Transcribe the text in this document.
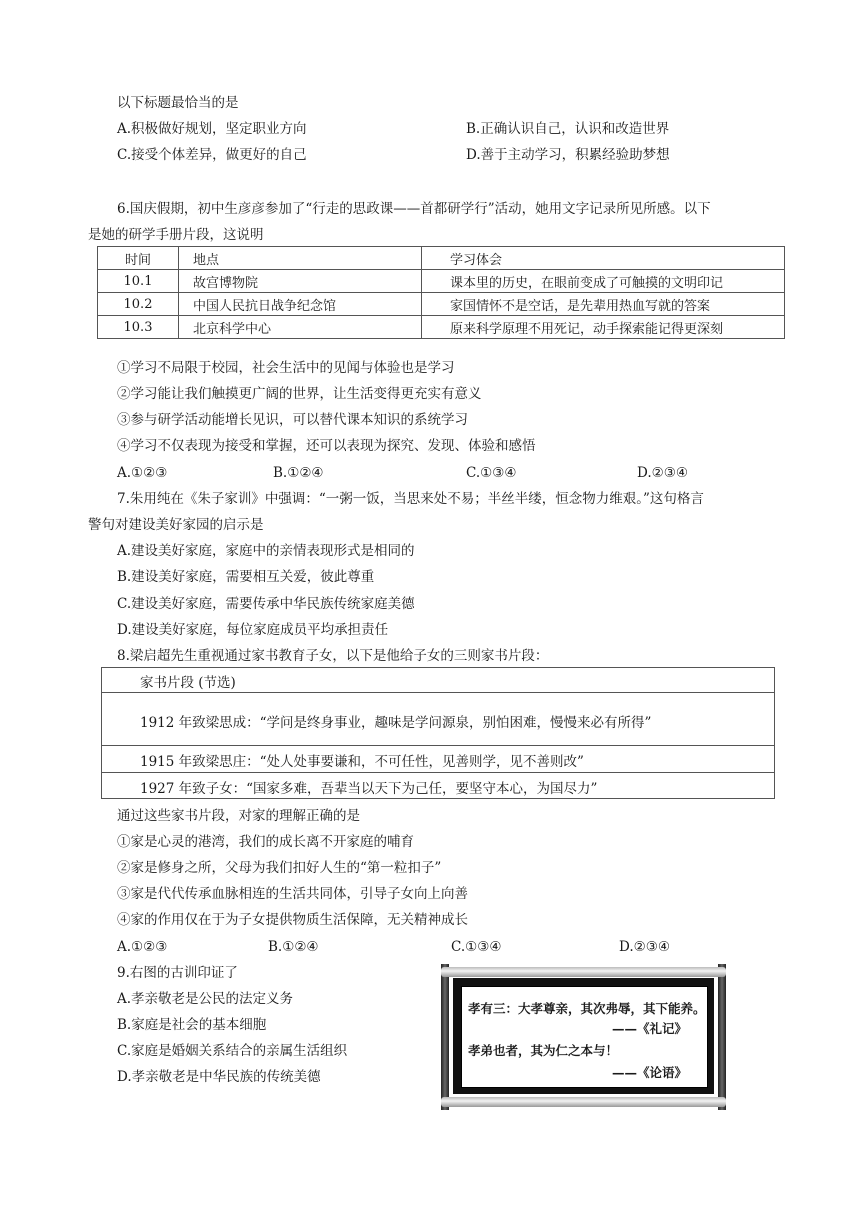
以下标题最恰当的是
A.积极做好规划，坚定职业方向	B.正确认识自己，认识和改造世界
C.接受个体差异，做更好的自己	D.善于主动学习，积累经验助梦想
6.国庆假期，初中生彦彦参加了“行走的思政课——首都研学行”活动，她用文字记录所见所感。以下
是她的研学手册片段，这说明
时间	地点	学习体会
10.1	故宫博物院	课本里的历史，在眼前变成了可触摸的文明印记
10.2	中国人民抗日战争纪念馆	家国情怀不是空话，是先辈用热血写就的答案
10.3	北京科学中心	原来科学原理不用死记，动手探索能记得更深刻
①学习不局限于校园，社会生活中的见闻与体验也是学习
②学习能让我们触摸更广阔的世界，让生活变得更充实有意义
③参与研学活动能增长见识，可以替代课本知识的系统学习
④学习不仅表现为接受和掌握，还可以表现为探究、发现、体验和感悟
A.①②③	B.①②④	C.①③④	D.②③④
7.朱用纯在《朱子家训》中强调：“一粥一饭，当思来处不易；半丝半缕，恒念物力维艰。”这句格言
警句对建设美好家园的启示是
A.建设美好家庭，家庭中的亲情表现形式是相同的
B.建设美好家庭，需要相互关爱，彼此尊重
C.建设美好家庭，需要传承中华民族传统家庭美德
D.建设美好家庭，每位家庭成员平均承担责任
8.梁启超先生重视通过家书教育子女，以下是他给子女的三则家书片段：
家书片段 (节选)
1912 年致梁思成：“学问是终身事业，趣味是学问源泉，别怕困难，慢慢来必有所得”
1915 年致梁思庄：“处人处事要谦和，不可任性，见善则学，见不善则改”
1927 年致子女：“国家多难，吾辈当以天下为己任，要坚守本心，为国尽力”
通过这些家书片段，对家的理解正确的是
①家是心灵的港湾，我们的成长离不开家庭的哺育
②家是修身之所，父母为我们扣好人生的“第一粒扣子”
③家是代代传承血脉相连的生活共同体，引导子女向上向善
④家的作用仅在于为子女提供物质生活保障，无关精神成长
A.①②③	B.①②④	C.①③④	D.②③④
9.右图的古训印证了
A.孝亲敬老是公民的法定义务
B.家庭是社会的基本细胞
C.家庭是婚姻关系结合的亲属生活组织
D.孝亲敬老是中华民族的传统美德
孝有三：大孝尊亲，其次弗辱，其下能养。
——《礼记》
孝弟也者，其为仁之本与！
——《论语》
